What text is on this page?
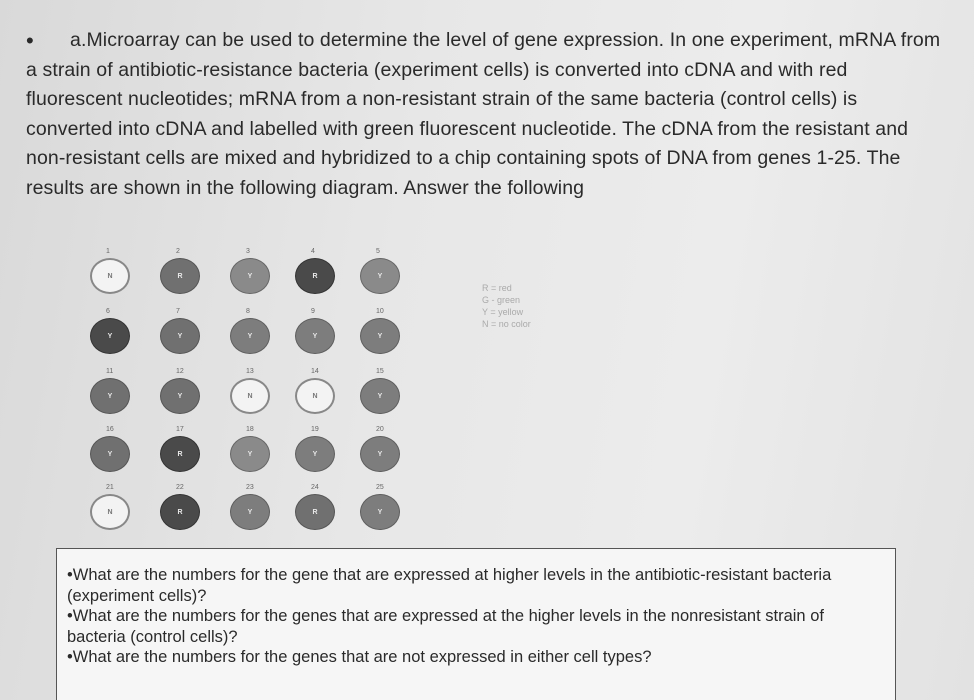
•	a.Microarray can be used to determine the level of gene expression. In one experiment, mRNA from a strain of antibiotic-resistance bacteria (experiment cells) is converted into cDNA and with red fluorescent nucleotides; mRNA from a non-resistant strain of the same bacteria (control cells) is converted into cDNA and labelled with green fluorescent nucleotide. The cDNA from the resistant and non-resistant cells are mixed and hybridized to a chip containing spots of DNA from genes 1-25. The results are shown in the following diagram. Answer the following
1
N
2
R
3
Y
4
R
5
Y
6
Y
7
Y
8
Y
9
Y
10
Y
11
Y
12
Y
13
N
14
N
15
Y
16
Y
17
R
18
Y
19
Y
20
Y
21
N
22
R
23
Y
24
R
25
Y
R = red
G - green
Y = yellow
N = no color
•What are the numbers for the gene that are expressed at higher levels in the antibiotic-resistant bacteria (experiment cells)?
•What are the numbers for the genes that are expressed at the higher levels in the nonresistant strain of bacteria (control cells)?
•What are the numbers for the genes that are not expressed in either cell types?
